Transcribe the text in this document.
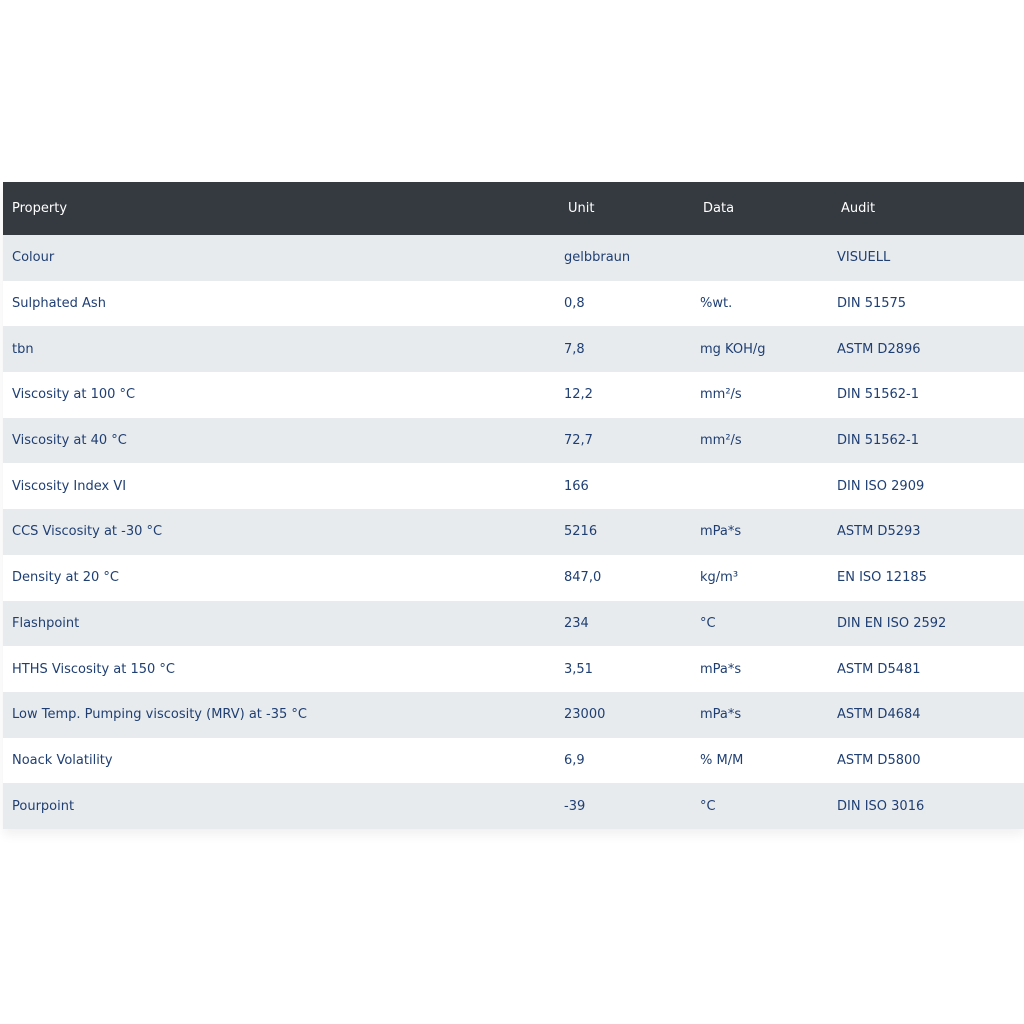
Property	Unit	Data	Audit
Colour	gelbbraun		VISUELL
Sulphated Ash	0,8	%wt.	DIN 51575
tbn	7,8	mg KOH/g	ASTM D2896
Viscosity at 100 °C	12,2	mm²/s	DIN 51562-1
Viscosity at 40 °C	72,7	mm²/s	DIN 51562-1
Viscosity Index VI	166		DIN ISO 2909
CCS Viscosity at -30 °C	5216	mPa*s	ASTM D5293
Density at 20 °C	847,0	kg/m³	EN ISO 12185
Flashpoint	234	°C	DIN EN ISO 2592
HTHS Viscosity at 150 °C	3,51	mPa*s	ASTM D5481
Low Temp. Pumping viscosity (MRV) at -35 °C	23000	mPa*s	ASTM D4684
Noack Volatility	6,9	% M/M	ASTM D5800
Pourpoint	-39	°C	DIN ISO 3016
